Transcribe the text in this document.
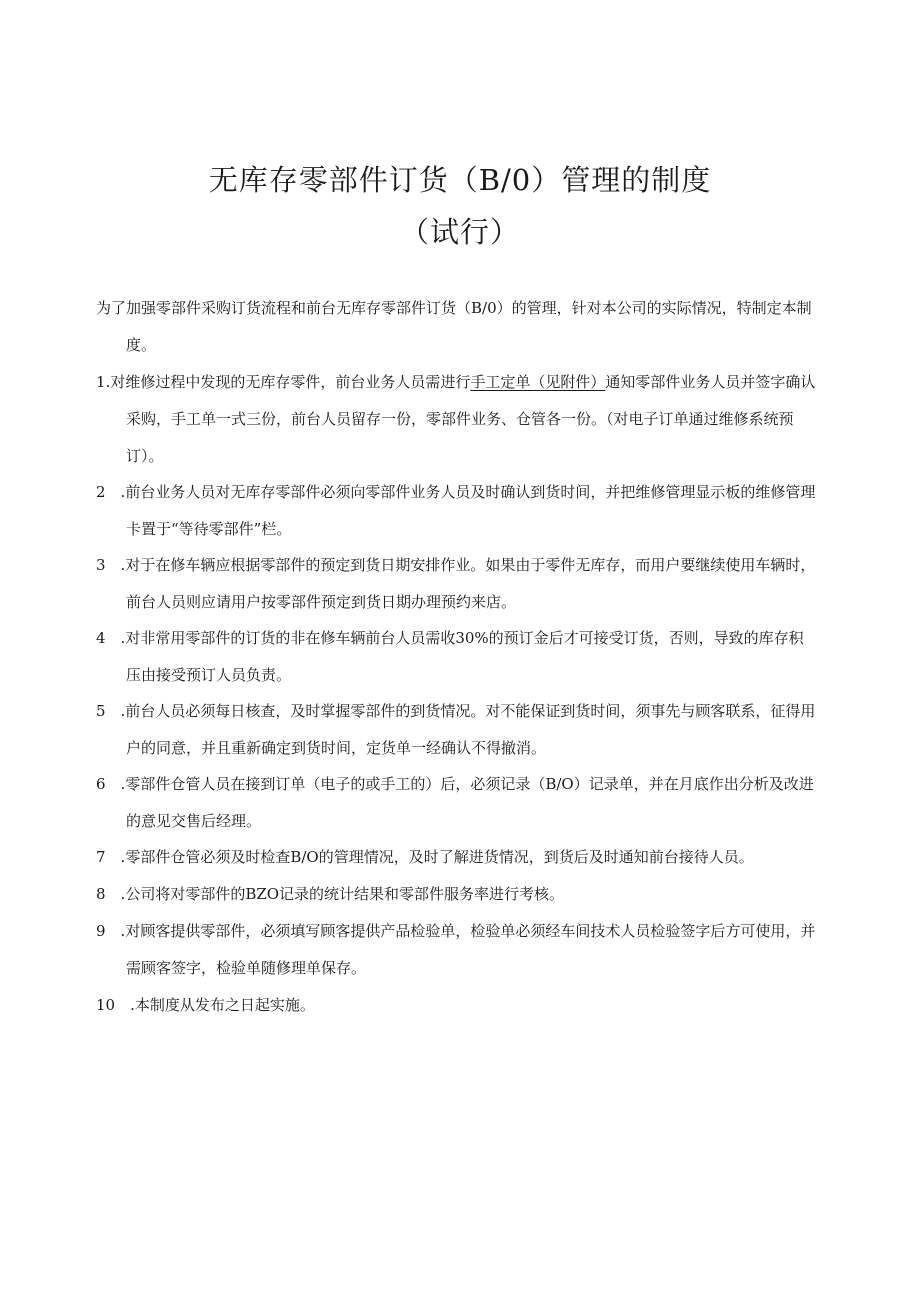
无库存零部件订货（B/0）管理的制度
（试行）

为了加强零部件采购订货流程和前台无库存零部件订货（B/0）的管理，针对本公司的实际情况，特制定本制度。

1.对维修过程中发现的无库存零件，前台业务人员需进行手工定单（见附件）通知零部件业务人员并签字确认采购，手工单一式三份，前台人员留存一份，零部件业务、仓管各一份。（对电子订单通过维修系统预订）。

2　.前台业务人员对无库存零部件必须向零部件业务人员及时确认到货时间，并把维修管理显示板的维修管理卡置于“等待零部件”栏。

3　.对于在修车辆应根据零部件的预定到货日期安排作业。如果由于零件无库存，而用户要继续使用车辆时，前台人员则应请用户按零部件预定到货日期办理预约来店。

4　.对非常用零部件的订货的非在修车辆前台人员需收30%的预订金后才可接受订货，否则，导致的库存积压由接受预订人员负责。

5　.前台人员必须每日核查，及时掌握零部件的到货情况。对不能保证到货时间，须事先与顾客联系，征得用户的同意，并且重新确定到货时间，定货单一经确认不得撤消。

6　.零部件仓管人员在接到订单（电子的或手工的）后，必须记录（B/O）记录单，并在月底作出分析及改进的意见交售后经理。

7　.零部件仓管必须及时检查B/O的管理情况，及时了解进货情况，到货后及时通知前台接待人员。

8　.公司将对零部件的BZO记录的统计结果和零部件服务率进行考核。

9　.对顾客提供零部件，必须填写顾客提供产品检验单，检验单必须经车间技术人员检验签字后方可使用，并需顾客签字，检验单随修理单保存。

10　.本制度从发布之日起实施。
